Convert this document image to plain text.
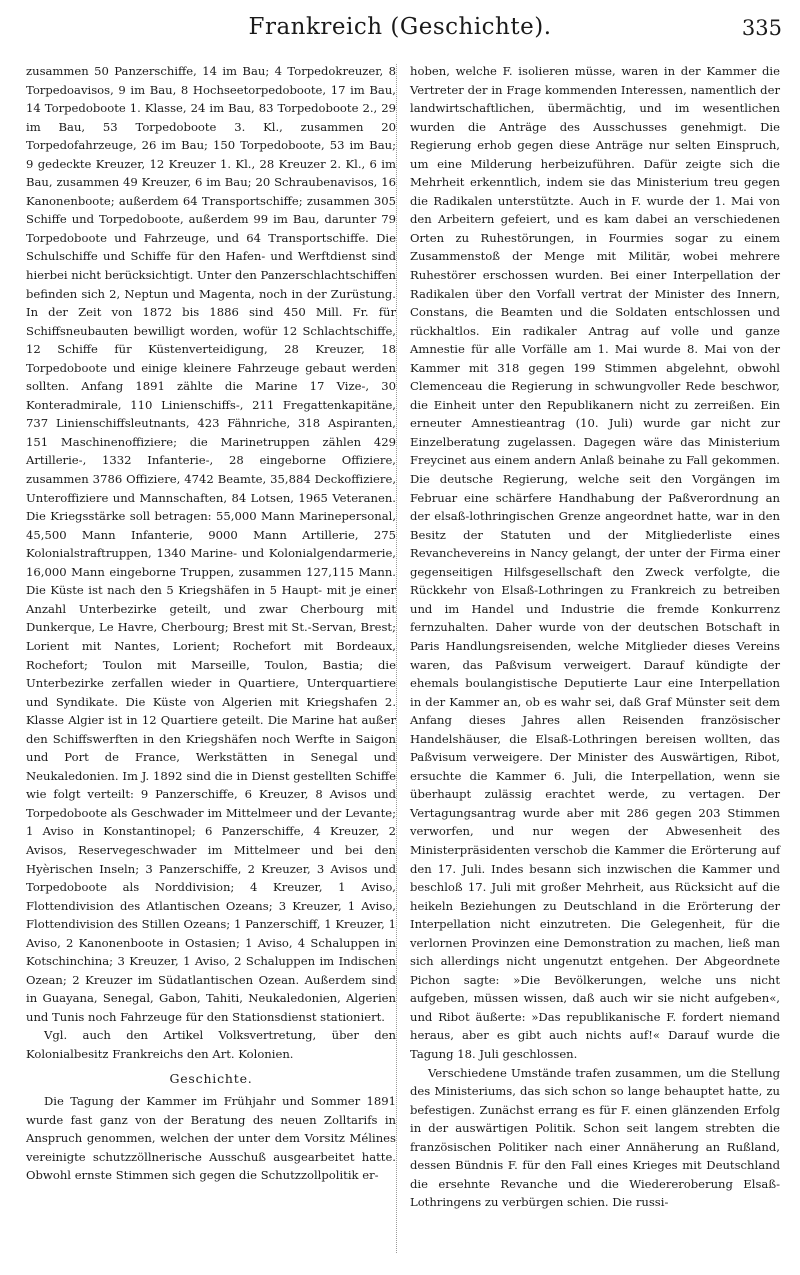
Frankreich (Geschichte).	335

zusammen 50 Panzerschiffe, 14 im Bau; 4 Torpedokreuzer, 8 Torpedoavisos, 9 im Bau, 8 Hochseetorpedoboote, 17 im Bau, 14 Torpedoboote 1. Klasse, 24 im Bau, 83 Torpedoboote 2., 29 im Bau, 53 Torpedoboote 3. Kl., zusammen 20 Torpedofahrzeuge, 26 im Bau; 150 Torpedoboote, 53 im Bau; 9 gedeckte Kreuzer, 12 Kreuzer 1. Kl., 28 Kreuzer 2. Kl., 6 im Bau, zusammen 49 Kreuzer, 6 im Bau; 20 Schraubenavisos, 16 Kanonenboote; außerdem 64 Transportschiffe; zusammen 305 Schiffe und Torpedoboote, außerdem 99 im Bau, darunter 79 Torpedoboote und Fahrzeuge, und 64 Transportschiffe. Die Schulschiffe und Schiffe für den Hafen- und Werftdienst sind hierbei nicht berücksichtigt. Unter den Panzerschlachtschiffen befinden sich 2, Neptun und Magenta, noch in der Zurüstung. In der Zeit von 1872 bis 1886 sind 450 Mill. Fr. für Schiffsneubauten bewilligt worden, wofür 12 Schlachtschiffe, 12 Schiffe für Küstenverteidigung, 28 Kreuzer, 18 Torpedoboote und einige kleinere Fahrzeuge gebaut werden sollten. Anfang 1891 zählte die Marine 17 Vize-, 30 Konteradmirale, 110 Linienschiffs-, 211 Fregattenkapitäne, 737 Linienschiffsleutnants, 423 Fähnriche, 318 Aspiranten, 151 Maschinenoffiziere; die Marinetruppen zählen 429 Artillerie-, 1332 Infanterie-, 28 eingeborne Offiziere, zusammen 3786 Offiziere, 4742 Beamte, 35,884 Deckoffiziere, Unteroffiziere und Mannschaften, 84 Lotsen, 1965 Veteranen. Die Kriegsstärke soll betragen: 55,000 Mann Marinepersonal, 45,500 Mann Infanterie, 9000 Mann Artillerie, 275 Kolonialstraftruppen, 1340 Marine- und Kolonialgendarmerie, 16,000 Mann eingeborne Truppen, zusammen 127,115 Mann. Die Küste ist nach den 5 Kriegshäfen in 5 Haupt- mit je einer Anzahl Unterbezirke geteilt, und zwar Cherbourg mit Dunkerque, Le Havre, Cherbourg; Brest mit St.-Servan, Brest; Lorient mit Nantes, Lorient; Rochefort mit Bordeaux, Rochefort; Toulon mit Marseille, Toulon, Bastia; die Unterbezirke zerfallen wieder in Quartiere, Unterquartiere und Syndikate. Die Küste von Algerien mit Kriegshafen 2. Klasse Algier ist in 12 Quartiere geteilt. Die Marine hat außer den Schiffswerften in den Kriegshäfen noch Werfte in Saigon und Port de France, Werkstätten in Senegal und Neukaledonien. Im J. 1892 sind die in Dienst gestellten Schiffe wie folgt verteilt: 9 Panzerschiffe, 6 Kreuzer, 8 Avisos und Torpedoboote als Geschwader im Mittelmeer und der Levante; 1 Aviso in Konstantinopel; 6 Panzerschiffe, 4 Kreuzer, 2 Avisos, Reservegeschwader im Mittelmeer und bei den Hyèrischen Inseln; 3 Panzerschiffe, 2 Kreuzer, 3 Avisos und Torpedoboote als Norddivision; 4 Kreuzer, 1 Aviso, Flottendivision des Atlantischen Ozeans; 3 Kreuzer, 1 Aviso, Flottendivision des Stillen Ozeans; 1 Panzerschiff, 1 Kreuzer, 1 Aviso, 2 Kanonenboote in Ostasien; 1 Aviso, 4 Schaluppen in Kotschinchina; 3 Kreuzer, 1 Aviso, 2 Schaluppen im Indischen Ozean; 2 Kreuzer im Südatlantischen Ozean. Außerdem sind in Guayana, Senegal, Gabon, Tahiti, Neukaledonien, Algerien und Tunis noch Fahrzeuge für den Stationsdienst stationiert.

Vgl. auch den Artikel Volksvertretung, über den Kolonialbesitz Frankreichs den Art. Kolonien.

Geschichte.

Die Tagung der Kammer im Frühjahr und Sommer 1891 wurde fast ganz von der Beratung des neuen Zolltarifs in Anspruch genommen, welchen der unter dem Vorsitz Mélines vereinigte schutzzöllnerische Ausschuß ausgearbeitet hatte. Obwohl ernste Stimmen sich gegen die Schutzzollpolitik er-

hoben, welche F. isolieren müsse, waren in der Kammer die Vertreter der in Frage kommenden Interessen, namentlich der landwirtschaftlichen, übermächtig, und im wesentlichen wurden die Anträge des Ausschusses genehmigt. Die Regierung erhob gegen diese Anträge nur selten Einspruch, um eine Milderung herbeizuführen. Dafür zeigte sich die Mehrheit erkenntlich, indem sie das Ministerium treu gegen die Radikalen unterstützte. Auch in F. wurde der 1. Mai von den Arbeitern gefeiert, und es kam dabei an verschiedenen Orten zu Ruhestörungen, in Fourmies sogar zu einem Zusammenstoß der Menge mit Militär, wobei mehrere Ruhestörer erschossen wurden. Bei einer Interpellation der Radikalen über den Vorfall vertrat der Minister des Innern, Constans, die Beamten und die Soldaten entschlossen und rückhaltlos. Ein radikaler Antrag auf volle und ganze Amnestie für alle Vorfälle am 1. Mai wurde 8. Mai von der Kammer mit 318 gegen 199 Stimmen abgelehnt, obwohl Clemenceau die Regierung in schwungvoller Rede beschwor, die Einheit unter den Republikanern nicht zu zerreißen. Ein erneuter Amnestieantrag (10. Juli) wurde gar nicht zur Einzelberatung zugelassen. Dagegen wäre das Ministerium Freycinet aus einem andern Anlaß beinahe zu Fall gekommen. Die deutsche Regierung, welche seit den Vorgängen im Februar eine schärfere Handhabung der Paßverordnung an der elsaß-lothringischen Grenze angeordnet hatte, war in den Besitz der Statuten und der Mitgliederliste eines Revanchevereins in Nancy gelangt, der unter der Firma einer gegenseitigen Hilfsgesellschaft den Zweck verfolgte, die Rückkehr von Elsaß-Lothringen zu Frankreich zu betreiben und im Handel und Industrie die fremde Konkurrenz fernzuhalten. Daher wurde von der deutschen Botschaft in Paris Handlungsreisenden, welche Mitglieder dieses Vereins waren, das Paßvisum verweigert. Darauf kündigte der ehemals boulangistische Deputierte Laur eine Interpellation in der Kammer an, ob es wahr sei, daß Graf Münster seit dem Anfang dieses Jahres allen Reisenden französischer Handelshäuser, die Elsaß-Lothringen bereisen wollten, das Paßvisum verweigere. Der Minister des Auswärtigen, Ribot, ersuchte die Kammer 6. Juli, die Interpellation, wenn sie überhaupt zulässig erachtet werde, zu vertagen. Der Vertagungsantrag wurde aber mit 286 gegen 203 Stimmen verworfen, und nur wegen der Abwesenheit des Ministerpräsidenten verschob die Kammer die Erörterung auf den 17. Juli. Indes besann sich inzwischen die Kammer und beschloß 17. Juli mit großer Mehrheit, aus Rücksicht auf die heikeln Beziehungen zu Deutschland in die Erörterung der Interpellation nicht einzutreten. Die Gelegenheit, für die verlornen Provinzen eine Demonstration zu machen, ließ man sich allerdings nicht ungenutzt entgehen. Der Abgeordnete Pichon sagte: »Die Bevölkerungen, welche uns nicht aufgeben, müssen wissen, daß auch wir sie nicht aufgeben«, und Ribot äußerte: »Das republikanische F. fordert niemand heraus, aber es gibt auch nichts auf!« Darauf wurde die Tagung 18. Juli geschlossen.

Verschiedene Umstände trafen zusammen, um die Stellung des Ministeriums, das sich schon so lange behauptet hatte, zu befestigen. Zunächst errang es für F. einen glänzenden Erfolg in der auswärtigen Politik. Schon seit langem strebten die französischen Politiker nach einer Annäherung an Rußland, dessen Bündnis F. für den Fall eines Krieges mit Deutschland die ersehnte Revanche und die Wiedereroberung Elsaß-Lothringens zu verbürgen schien. Die russi-
